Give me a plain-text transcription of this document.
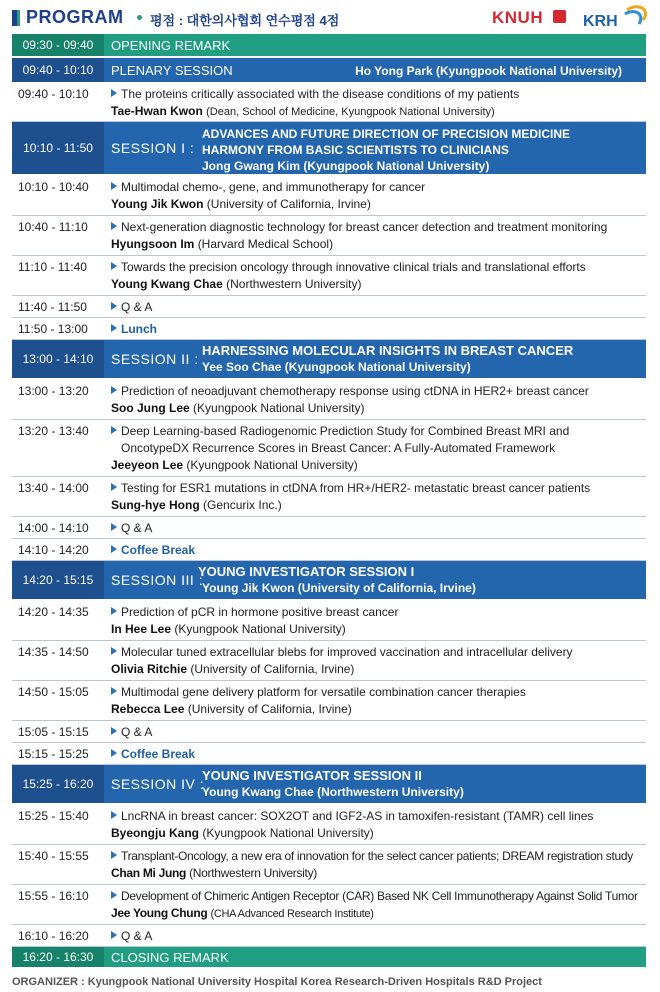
PROGRAM 평점 : 대한의사협회 연수평점 4점	KNUH KRH
09:30 - 09:40	OPENING REMARK
09:40 - 10:10	PLENARY SESSION	Ho Yong Park (Kyungpook National University)
09:40 - 10:10	The proteins critically associated with the disease conditions of my patients
Tae-Hwan Kwon (Dean, School of Medicine, Kyungpook National University)
10:10 - 11:50	SESSION I :
ADVANCES AND FUTURE DIRECTION OF PRECISION MEDICINE
HARMONY FROM BASIC SCIENTISTS TO CLINICIANS
Jong Gwang Kim (Kyungpook National University)
10:10 - 10:40	Multimodal chemo-, gene, and immunotherapy for cancer
Young Jik Kwon (University of California, Irvine)
10:40 - 11:10	Next-generation diagnostic technology for breast cancer detection and treatment monitoring
Hyungsoon Im (Harvard Medical School)
11:10 - 11:40	Towards the precision oncology through innovative clinical trials and translational efforts
Young Kwang Chae (Northwestern University)
11:40 - 11:50	Q & A
11:50 - 13:00	Lunch
13:00 - 14:10	SESSION II :
HARNESSING MOLECULAR INSIGHTS IN BREAST CANCER
Yee Soo Chae (Kyungpook National University)
13:00 - 13:20	Prediction of neoadjuvant chemotherapy response using ctDNA in HER2+ breast cancer
Soo Jung Lee (Kyungpook National University)
13:20 - 13:40	Deep Learning-based Radiogenomic Prediction Study for Combined Breast MRI and
OncotypeDX Recurrence Scores in Breast Cancer: A Fully-Automated Framework
Jeeyeon Lee (Kyungpook National University)
13:40 - 14:00	Testing for ESR1 mutations in ctDNA from HR+/HER2- metastatic breast cancer patients
Sung-hye Hong (Gencurix Inc.)
14:00 - 14:10	Q & A
14:10 - 14:20	Coffee Break
14:20 - 15:15	SESSION III :
YOUNG INVESTIGATOR SESSION I
Young Jik Kwon (University of California, Irvine)
14:20 - 14:35	Prediction of pCR in hormone positive breast cancer
In Hee Lee (Kyungpook National University)
14:35 - 14:50	Molecular tuned extracellular blebs for improved vaccination and intracellular delivery
Olivia Ritchie (University of California, Irvine)
14:50 - 15:05	Multimodal gene delivery platform for versatile combination cancer therapies
Rebecca Lee (University of California, Irvine)
15:05 - 15:15	Q & A
15:15 - 15:25	Coffee Break
15:25 - 16:20	SESSION IV :
YOUNG INVESTIGATOR SESSION II
Young Kwang Chae (Northwestern University)
15:25 - 15:40	LncRNA in breast cancer: SOX2OT and IGF2-AS in tamoxifen-resistant (TAMR) cell lines
Byeongju Kang (Kyungpook National University)
15:40 - 15:55	Transplant-Oncology, a new era of innovation for the select cancer patients; DREAM registration study
Chan Mi Jung (Northwestern University)
15:55 - 16:10	Development of Chimeric Antigen Receptor (CAR) Based NK Cell Immunotherapy Against Solid Tumor
Jee Young Chung (CHA Advanced Research Institute)
16:10 - 16:20	Q & A
16:20 - 16:30	CLOSING REMARK
ORGANIZER : Kyungpook National University Hospital Korea Research-Driven Hospitals R&D Project
